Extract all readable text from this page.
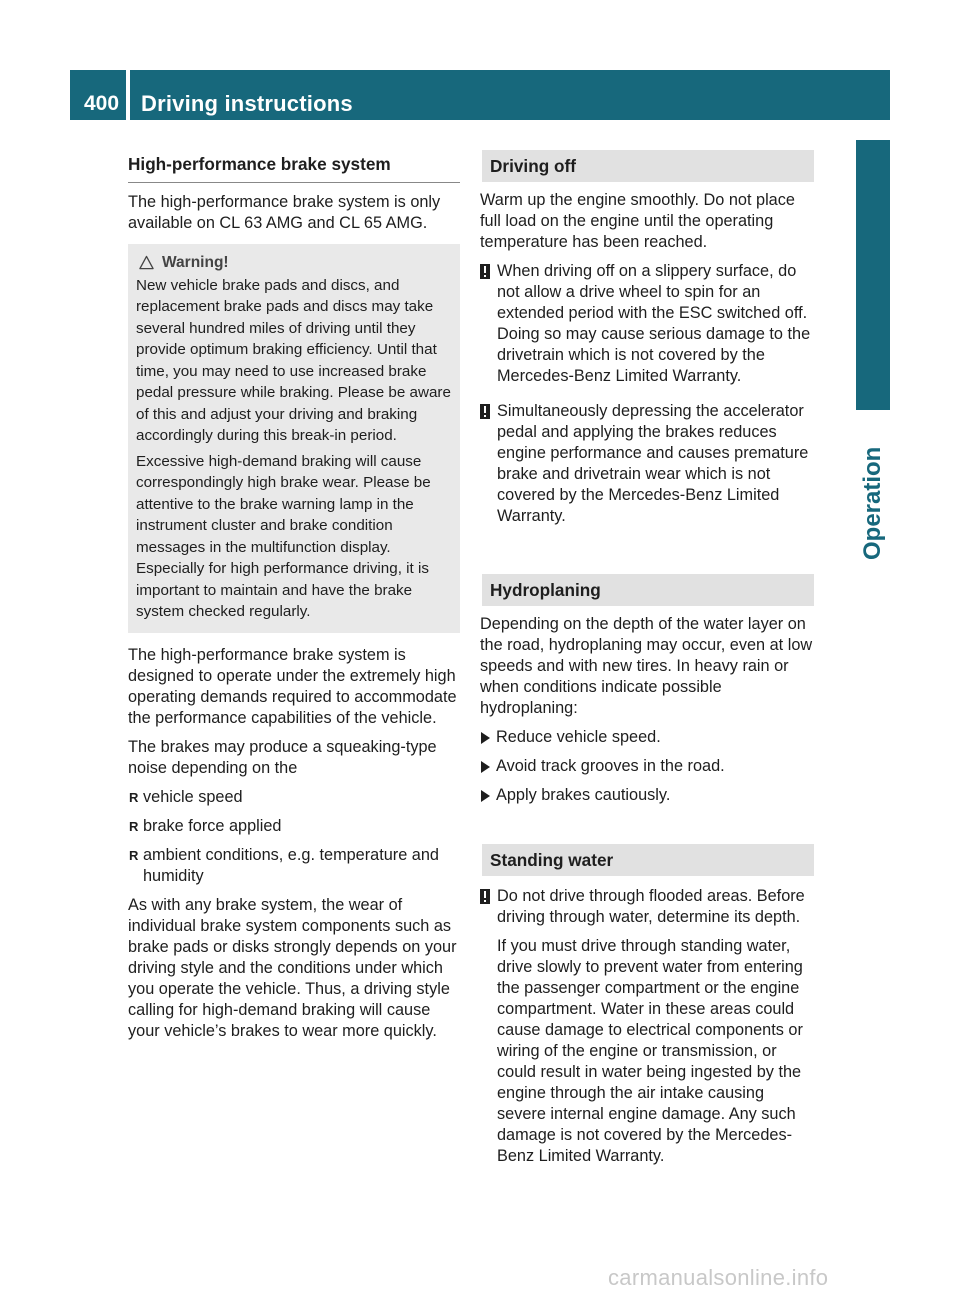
400 Driving instructions
Operation
High-performance brake system

The high-performance brake system is only available on CL 63 AMG and CL 65 AMG.

Warning!

New vehicle brake pads and discs, and replacement brake pads and discs may take several hundred miles of driving until they provide optimum braking efficiency. Until that time, you may need to use increased brake pedal pressure while braking. Please be aware of this and adjust your driving and braking accordingly during this break-in period.

Excessive high-demand braking will cause correspondingly high brake wear. Please be attentive to the brake warning lamp in the instrument cluster and brake condition messages in the multifunction display. Especially for high performance driving, it is important to maintain and have the brake system checked regularly.

The high-performance brake system is designed to operate under the extremely high operating demands required to accommodate the performance capabilities of the vehicle.

The brakes may produce a squeaking-type noise depending on the

R vehicle speed
R brake force applied
R ambient conditions, e.g. temperature and humidity

As with any brake system, the wear of individual brake system components such as brake pads or disks strongly depends on your driving style and the conditions under which you operate the vehicle. Thus, a driving style calling for high-demand braking will cause your vehicle’s brakes to wear more quickly.

Driving off

Warm up the engine smoothly. Do not place full load on the engine until the operating temperature has been reached.

When driving off on a slippery surface, do not allow a drive wheel to spin for an extended period with the ESC switched off. Doing so may cause serious damage to the drivetrain which is not covered by the Mercedes-Benz Limited Warranty.

Simultaneously depressing the accelerator pedal and applying the brakes reduces engine performance and causes premature brake and drivetrain wear which is not covered by the Mercedes-Benz Limited Warranty.

Hydroplaning

Depending on the depth of the water layer on the road, hydroplaning may occur, even at low speeds and with new tires. In heavy rain or when conditions indicate possible hydroplaning:

Reduce vehicle speed.
Avoid track grooves in the road.
Apply brakes cautiously.
Standing water

Do not drive through flooded areas. Before driving through water, determine its depth.

If you must drive through standing water, drive slowly to prevent water from entering the passenger compartment or the engine compartment. Water in these areas could cause damage to electrical components or wiring of the engine or transmission, or could result in water being ingested by the engine through the air intake causing severe internal engine damage. Any such damage is not covered by the Mercedes-Benz Limited Warranty.

carmanualsonline.info
